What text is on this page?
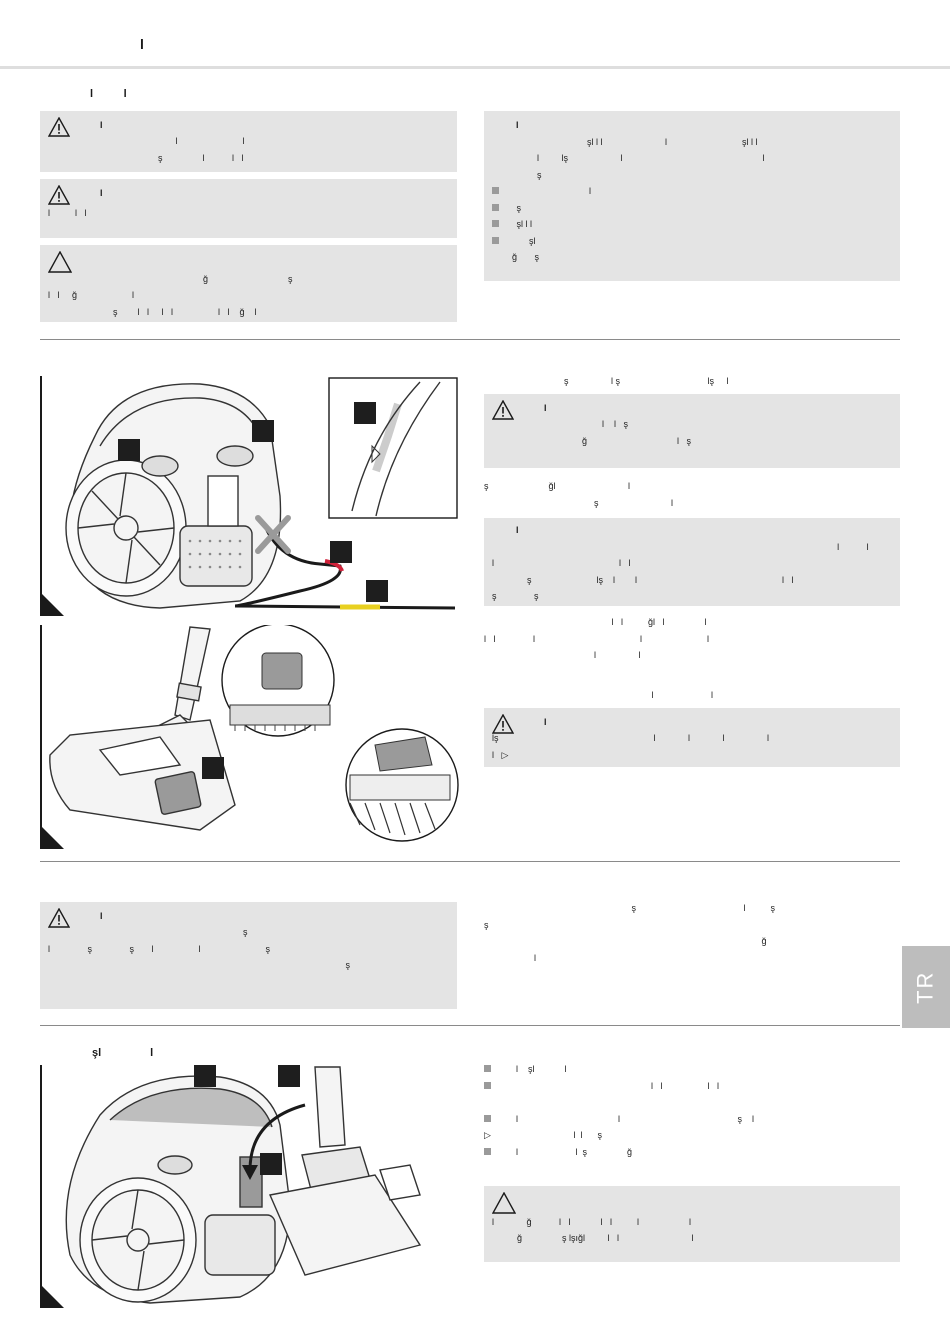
l
l          l
l
l                          l
ş                l           l   l
l
l          l   l
ğ                                ş
l   l     ğ                      l
ş        l   l     l   l                  l   l    ğ    l
l
şl l l                         l                              şl l l
l         lş                     l                                                        l
ş
l
ş
şl l l
şl
ğ       ş
ş                 l ş                                   lş     l
l
l    l   ş
ğ                                    l   ş
ş                        ğl                             l
ş                             l
l
l           l
l                                                  l   l
ş                          lş    l        l                                                          l   l
ş               ş
l   l          ğl   l                l
l   l               l                                          l                          l
l                 l
l                       l
l
lş                                                              l             l             l                 l
l   ▷
l
ş
l               ş               ş       l                  l                          ş
ş
ş                                           l          ş
ş
ğ
l
TR
şl                l
l    şl            l
l   l                  l   l
l                                        l                                               ş    l
▷                                 l  l      ş
l                       l  ş                ğ
l             ğ           l   l            l   l          l                    l
ğ                ş lşığl         l   l                             l
